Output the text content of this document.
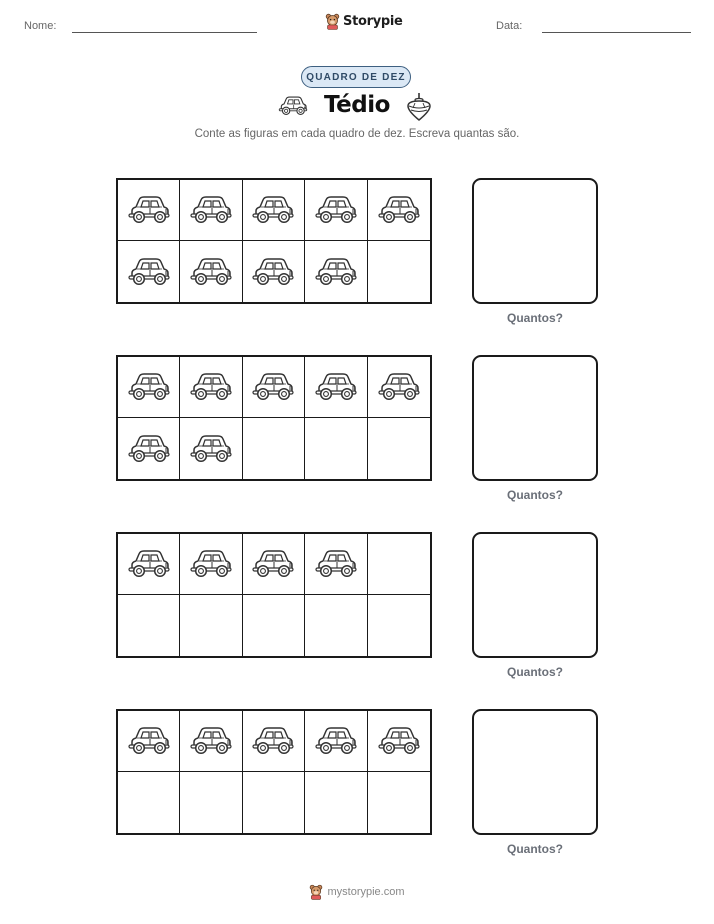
Nome:	Storypie	Data:
QUADRO DE DEZ
Tédio
Conte as figuras em cada quadro de dez. Escreva quantas são.
Quantos?
Quantos?
Quantos?
Quantos?
mystorypie.com
